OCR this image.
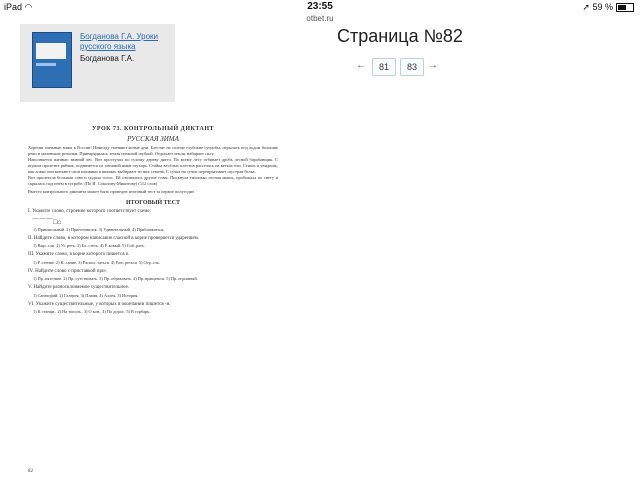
iPad ◠	23:55	➚ 59 %
otbet.ru
Богданова Г.А. Уроки русского языка
Богданова Г.А.
Страница №82
←	81	83	→
УРОК 73. КОНТРОЛЬНЫЙ ДИКТАНТ
РУССКАЯ ЗИМА

Хороши снежные зимы в России! Неяюгду сменяют ясные дни. Блестят на солнце глубокие сугробы, скрылась под льдом большие реки и маленькие речонки. Принарядилась земля снежной шубкой. Отдыхает земля, набирает силу.

Наполняется жизнью зимний лес. Вот простучал по сухому дереву дятел. По всему лесу отбивает дробь лесной барабанщик. С шумом пролетит рябчик, поднимется из снежной ямки глухарь. Стайка весёлых клестов расселась на ветках ели. Стишь и увидишь, как ловко они вонзают свои клювики в шишки, выбирают из них семена. С сучка на сучок перепрыгивает шустрая белка.

Вот прилетела большая сова и подала голос. Ей отозвались другие совы. Пискнула тихонько лесная мышь, пробежала по снегу и скрылась под пнём в сугробе. (По И. Соколову-Микитову) (112 слов)

Вместо контрольного диктанта может быть проведен итоговый тест за первое полугодие.

ИТОГОВЫЙ ТЕСТ
I. Укажите слово, строение которого соответствует схеме:
⌒⌒⌒□⌂
1) Пришкольный. 2) Приготовился. 3) Удивительный. 4) Приближаться.
II. Найдите слово, в котором написание гласной в корне проверяется ударением.
1) Выр..сли. 2) Уг..реть. 3) Бл..стеть. 4) Р..ковый. 5) Соб..рать.
III. Укажите слово, в корне которого пишется о.
1) Р..стение. 2) К..сание. 3) Раскол..таться. 4) Разг..реться. 5) Отр..сль.
IV. Найдите слово с приставкой при-.
1) Пр..пятствие. 2) Пр..сутствовать. 3) Пр..образовать. 4) Пр..вращаться. 5) Пр..огромный.
V. Найдите разносклоняемое существительное.
1) Санаторий. 2) Галерея. 3) Пламя. 4) Аллея. 5) История.
VI. Укажите существительные, у которых в окончании пишется -и.
1) К станци.. 2) На тополь.. 3) О кон.. 4) По дорог.. 5) В горбарь..
82
